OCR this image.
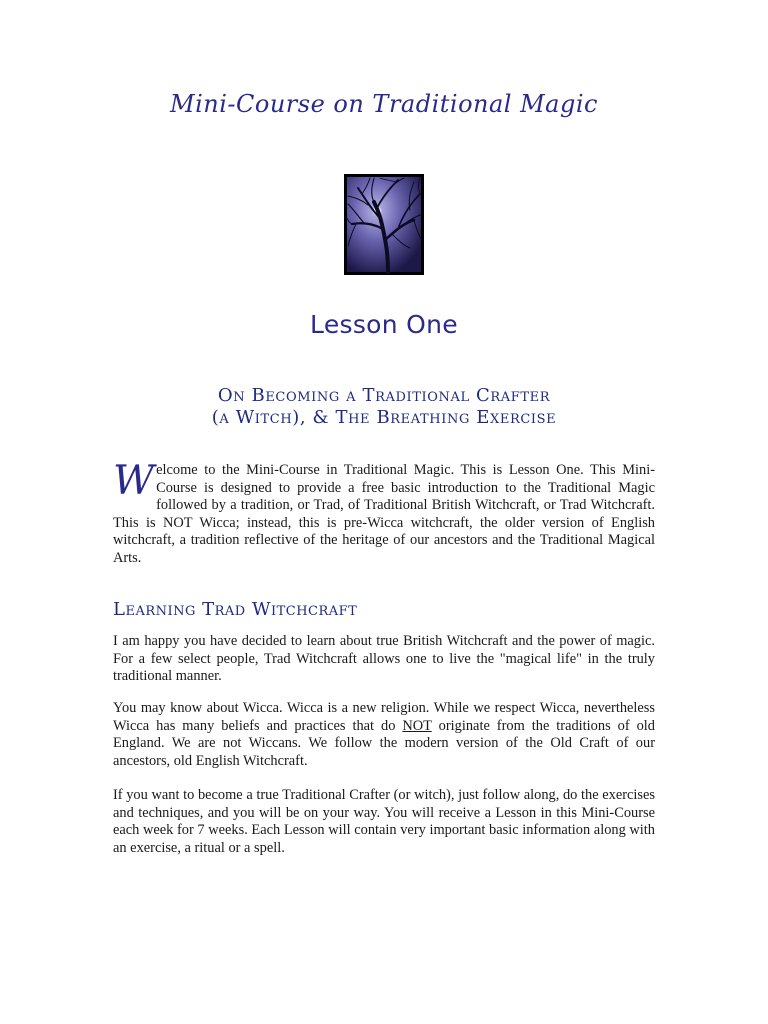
Mini-Course on Traditional Magic
Lesson One
On Becoming a Traditional Crafter
(a Witch), & The Breathing Exercise
Welcome to the Mini-Course in Traditional Magic. This is Lesson One. This Mini-Course is designed to provide a free basic introduction to the Traditional Magic followed by a tradition, or Trad, of Traditional British Witchcraft, or Trad Witchcraft. This is NOT Wicca; instead, this is pre-Wicca witchcraft, the older version of English witchcraft, a tradition reflective of the heritage of our ancestors and the Traditional Magical Arts.
Learning Trad Witchcraft
I am happy you have decided to learn about true British Witchcraft and the power of magic. For a few select people, Trad Witchcraft allows one to live the "magical life" in the truly traditional manner.
You may know about Wicca. Wicca is a new religion. While we respect Wicca, nevertheless Wicca has many beliefs and practices that do NOT originate from the traditions of old England. We are not Wiccans. We follow the modern version of the Old Craft of our ancestors, old English Witchcraft.
If you want to become a true Traditional Crafter (or witch), just follow along, do the exercises and techniques, and you will be on your way. You will receive a Lesson in this Mini-Course each week for 7 weeks. Each Lesson will contain very important basic information along with an exercise, a ritual or a spell.
